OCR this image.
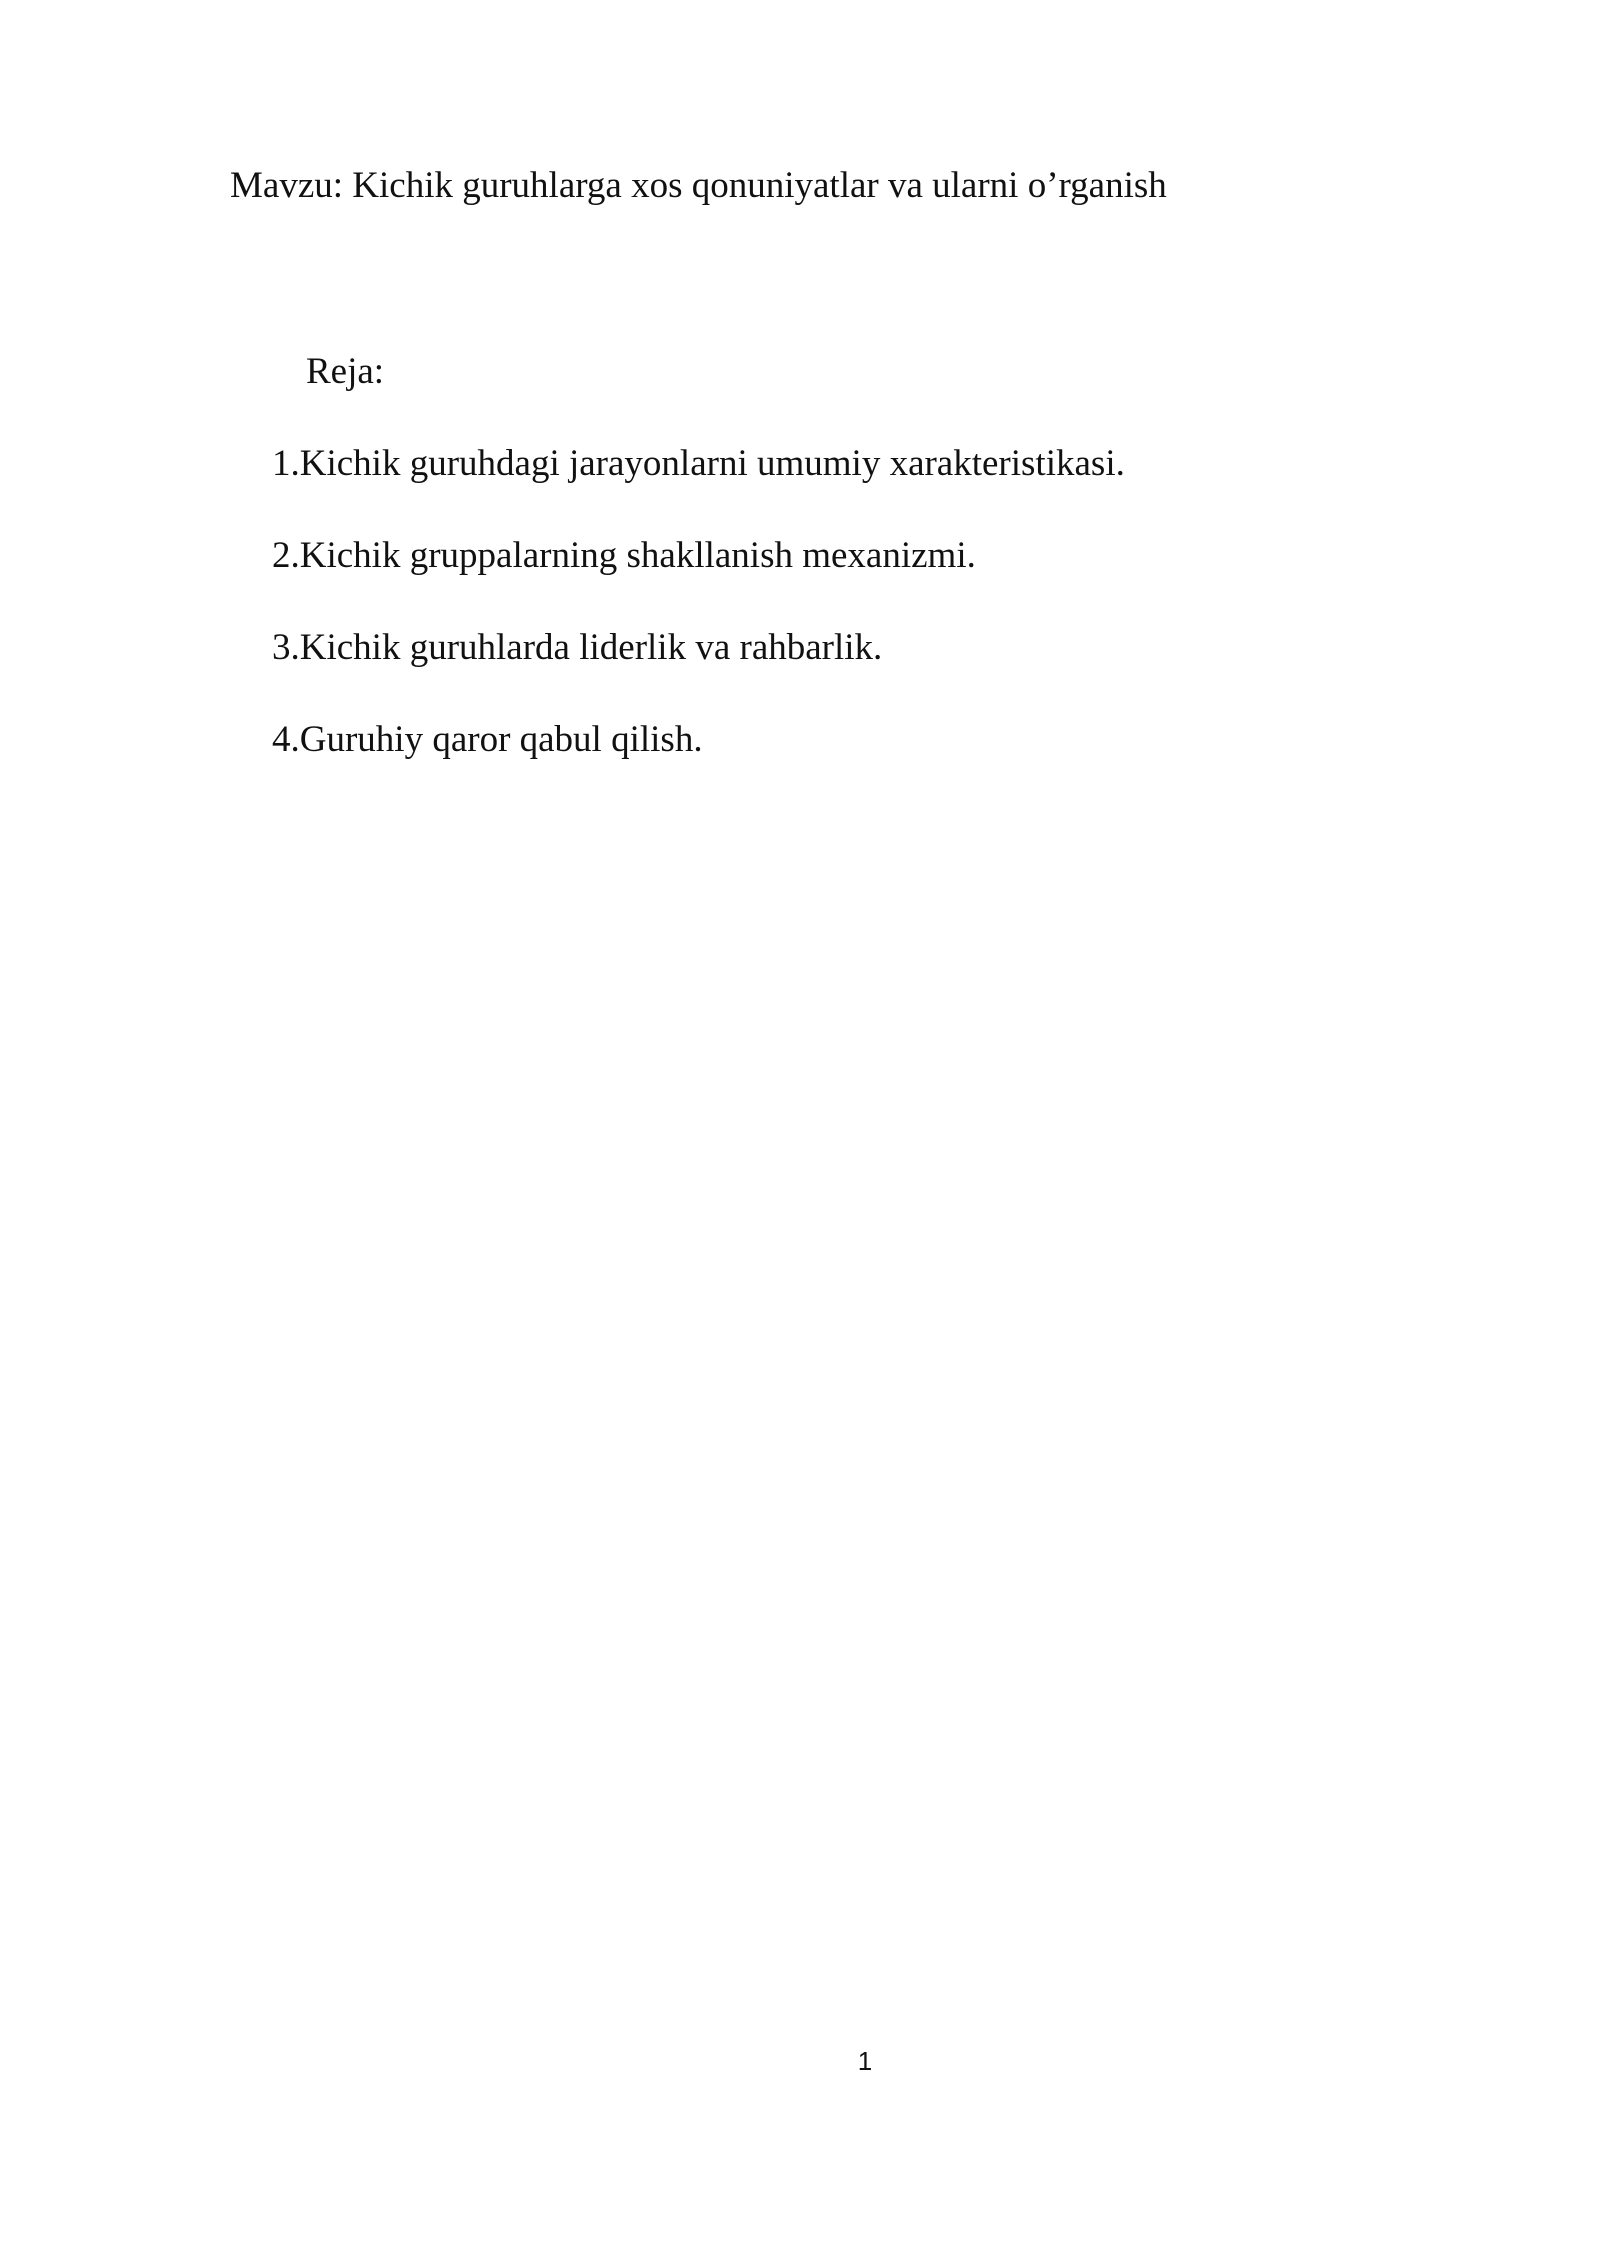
Mavzu: Kichik guruhlarga xos qonuniyatlar va ularni o’rganish
Reja:
1.Kichik guruhdagi jarayonlarni umumiy xarakteristikasi.
2.Kichik gruppalarning shakllanish mexanizmi.
3.Kichik guruhlarda liderlik va rahbarlik.
4.Guruhiy qaror qabul qilish.
1
